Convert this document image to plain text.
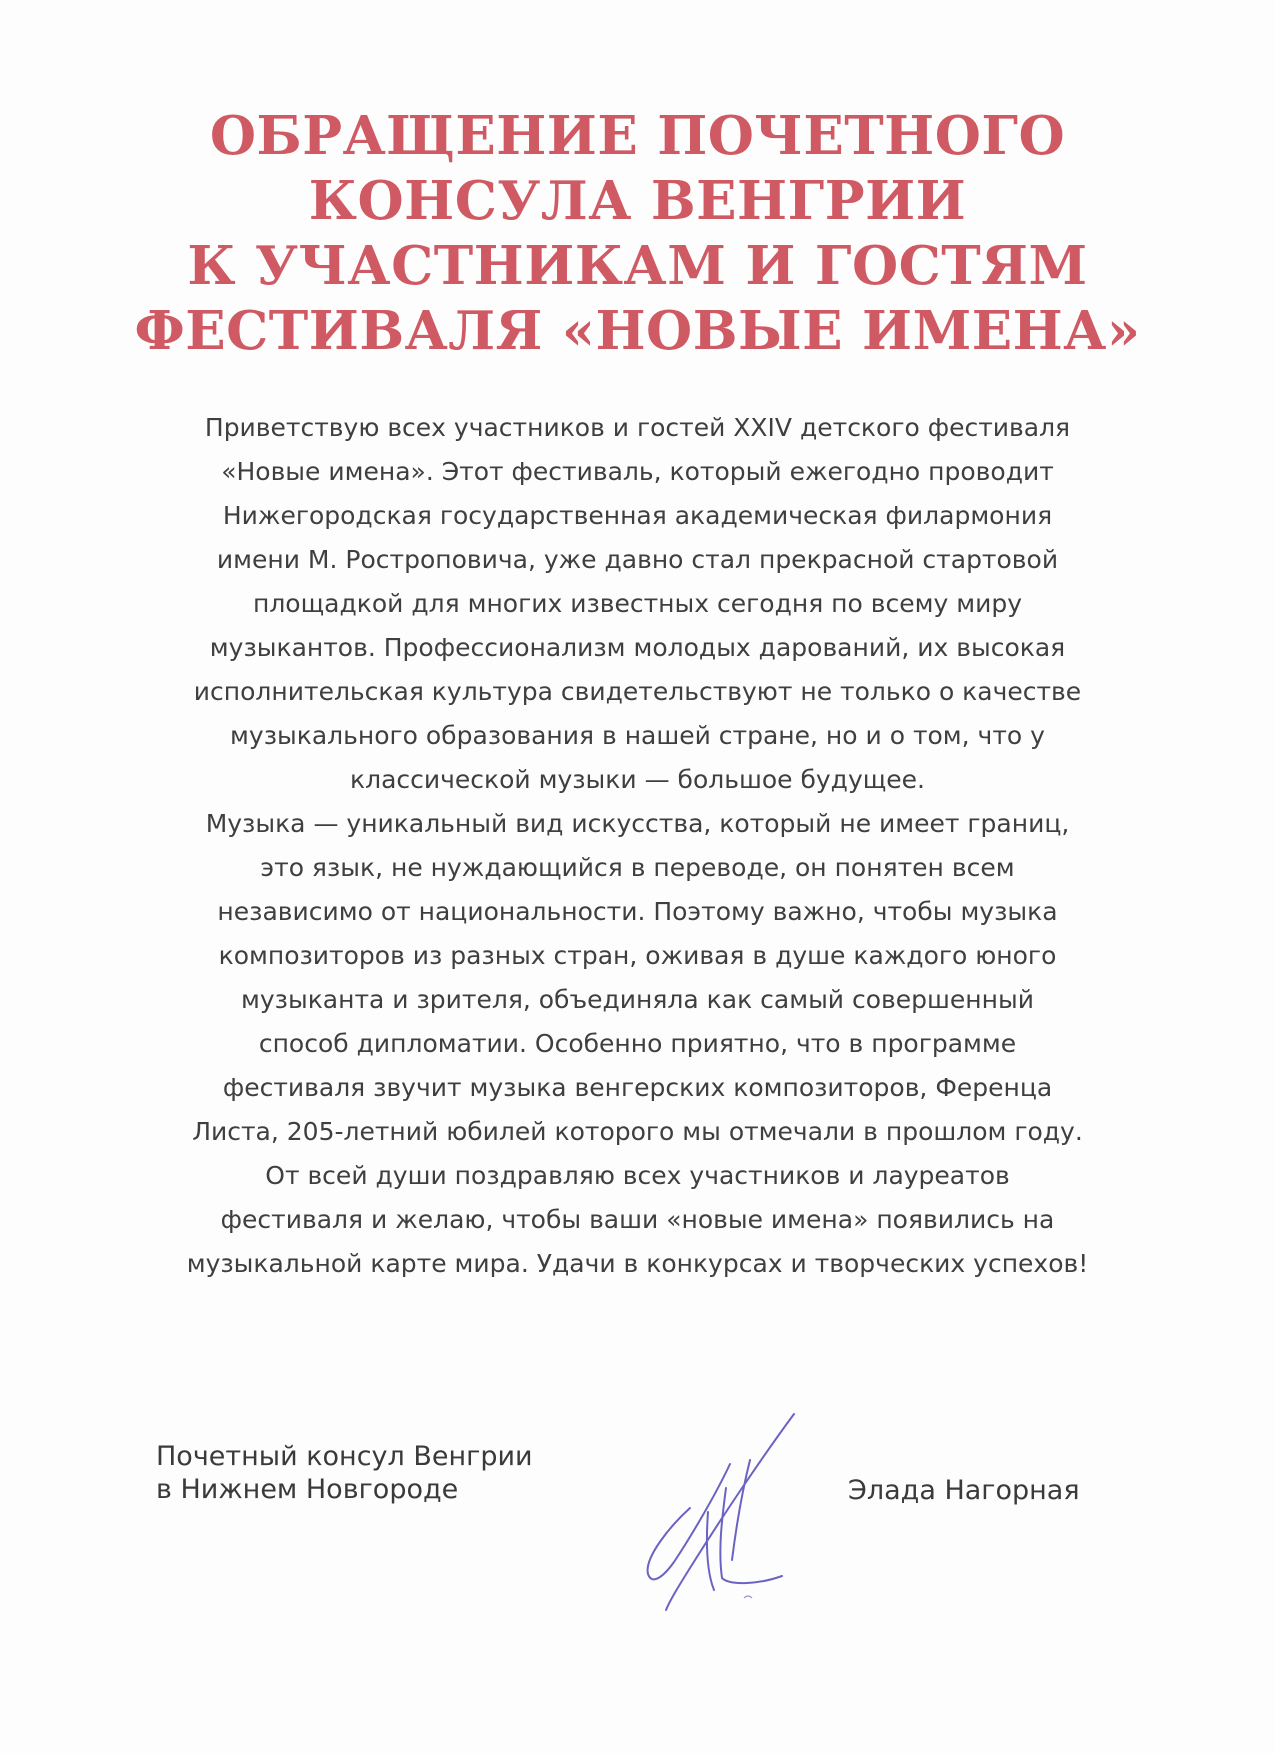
ОБРАЩЕНИЕ ПОЧЕТНОГО
КОНСУЛА ВЕНГРИИ
К УЧАСТНИКАМ И ГОСТЯМ
ФЕСТИВАЛЯ «НОВЫЕ ИМЕНА»
Приветствую всех участников и гостей XXIV детского фестиваля
«Новые имена». Этот фестиваль, который ежегодно проводит
Нижегородская государственная академическая филармония
имени М. Ростроповича, уже давно стал прекрасной стартовой
площадкой для многих известных сегодня по всему миру
музыкантов. Профессионализм молодых дарований, их высокая
исполнительская культура свидетельствуют не только о качестве
музыкального образования в нашей стране, но и о том, что у
классической музыки — большое будущее.
Музыка — уникальный вид искусства, который не имеет границ,
это язык, не нуждающийся в переводе, он понятен всем
независимо от национальности. Поэтому важно, чтобы музыка
композиторов из разных стран, оживая в душе каждого юного
музыканта и зрителя, объединяла как самый совершенный
способ дипломатии. Особенно приятно, что в программе
фестиваля звучит музыка венгерских композиторов, Ференца
Листа, 205-летний юбилей которого мы отмечали в прошлом году.
От всей души поздравляю всех участников и лауреатов
фестиваля и желаю, чтобы ваши «новые имена» появились на
музыкальной карте мира. Удачи в конкурсах и творческих успехов!
Почетный консул Венгрии
в Нижнем Новгороде	Элада Нагорная
